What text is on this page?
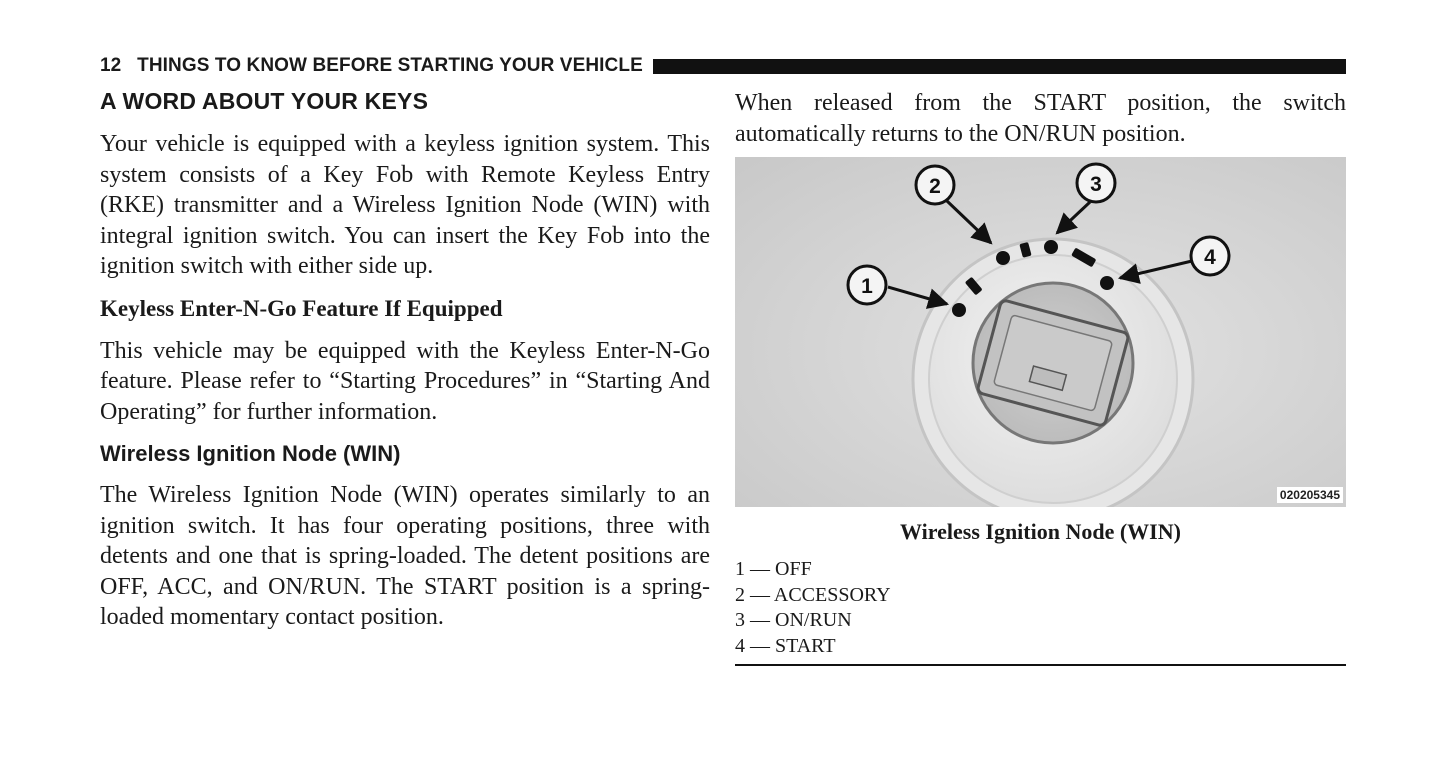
12 THINGS TO KNOW BEFORE STARTING YOUR VEHICLE
A WORD ABOUT YOUR KEYS

Your vehicle is equipped with a keyless ignition system. This system consists of a Key Fob with Remote Keyless Entry (RKE) transmitter and a Wireless Ignition Node (WIN) with integral ignition switch. You can insert the Key Fob into the ignition switch with either side up.

Keyless Enter-N-Go Feature If Equipped

This vehicle may be equipped with the Keyless Enter-N-Go feature. Please refer to “Starting Procedures” in “Starting And Operating” for further information.

Wireless Ignition Node (WIN)

The Wireless Ignition Node (WIN) operates similarly to an ignition switch. It has four operating positions, three with detents and one that is spring-loaded. The detent positions are OFF, ACC, and ON/RUN. The START position is a spring-loaded momentary contact position.

When released from the START position, the switch automatically returns to the ON/RUN position.

1
2	3
4
020205345
Wireless Ignition Node (WIN)
1 — OFF
2 — ACCESSORY
3 — ON/RUN
4 — START
